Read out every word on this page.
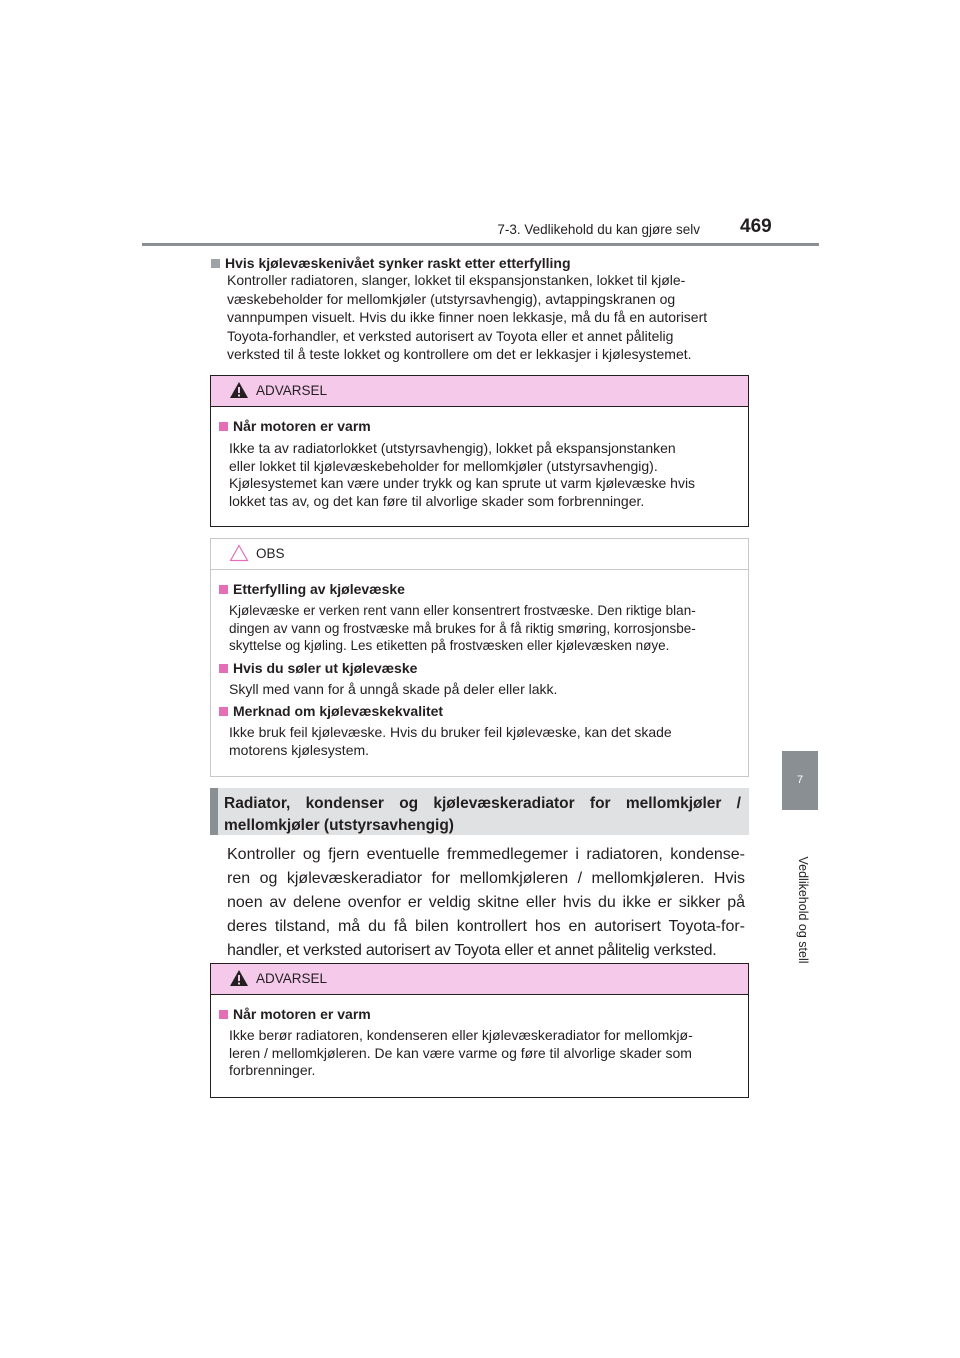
7-3. Vedlikehold du kan gjøre selv 469
7
Vedlikehold og stell
Hvis kjølevæskenivået synker raskt etter etterfylling

Kontroller radiatoren, slanger, lokket til ekspansjonstanken, lokket til kjøle-

væskebeholder for mellomkjøler (utstyrsavhengig), avtappingskranen og

vannpumpen visuelt. Hvis du ikke finner noen lekkasje, må du få en autorisert

Toyota-forhandler, et verksted autorisert av Toyota eller et annet pålitelig

verksted til å teste lokket og kontrollere om det er lekkasjer i kjølesystemet.

ADVARSEL
Når motoren er varm

Ikke ta av radiatorlokket (utstyrsavhengig), lokket på ekspansjonstanken

eller lokket til kjølevæskebeholder for mellomkjøler (utstyrsavhengig).

Kjølesystemet kan være under trykk og kan sprute ut varm kjølevæske hvis

lokket tas av, og det kan føre til alvorlige skader som forbrenninger.

OBS
Etterfylling av kjølevæske

Kjølevæske er verken rent vann eller konsentrert frostvæske. Den riktige blan-

dingen av vann og frostvæske må brukes for å få riktig smøring, korrosjonsbe-

skyttelse og kjøling. Les etiketten på frostvæsken eller kjølevæsken nøye.

Hvis du søler ut kjølevæske

Skyll med vann for å unngå skade på deler eller lakk.

Merknad om kjølevæskekvalitet

Ikke bruk feil kjølevæske. Hvis du bruker feil kjølevæske, kan det skade

motorens kjølesystem.

Radiator, kondenser og kjølevæskeradiator for mellomkjøler /
mellomkjøler (utstyrsavhengig)

Kontroller og fjern eventuelle fremmedlegemer i radiatoren, kondense-

ren og kjølevæskeradiator for mellomkjøleren / mellomkjøleren. Hvis

noen av delene ovenfor er veldig skitne eller hvis du ikke er sikker på

deres tilstand, må du få bilen kontrollert hos en autorisert Toyota-for-

handler, et verksted autorisert av Toyota eller et annet pålitelig verksted.

ADVARSEL
Når motoren er varm

Ikke berør radiatoren, kondenseren eller kjølevæskeradiator for mellomkjø-

leren / mellomkjøleren. De kan være varme og føre til alvorlige skader som

forbrenninger.
